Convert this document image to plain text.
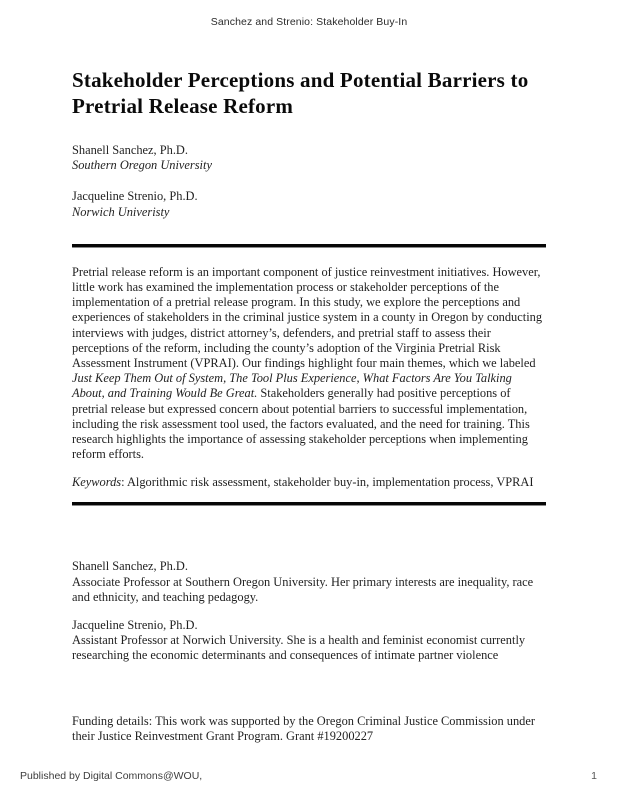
Sanchez and Strenio: Stakeholder Buy-In
Stakeholder Perceptions and Potential Barriers to
Pretrial Release Reform
Shanell Sanchez, Ph.D.
Southern Oregon University
Jacqueline Strenio, Ph.D.
Norwich Univeristy

Pretrial release reform is an important component of justice reinvestment initiatives. However, little work has examined the implementation process or stakeholder perceptions of the implementation of a pretrial release program. In this study, we explore the perceptions and experiences of stakeholders in the criminal justice system in a county in Oregon by conducting interviews with judges, district attorney’s, defenders, and pretrial staff to assess their perceptions of the reform, including the county’s adoption of the Virginia Pretrial Risk Assessment Instrument (VPRAI). Our findings highlight four main themes, which we labeled Just Keep Them Out of System, The Tool Plus Experience, What Factors Are You Talking About, and Training Would Be Great. Stakeholders generally had positive perceptions of pretrial release but expressed concern about potential barriers to successful implementation, including the risk assessment tool used, the factors evaluated, and the need for training. This research highlights the importance of assessing stakeholder perceptions when implementing reform efforts.

Keywords: Algorithmic risk assessment, stakeholder buy-in, implementation process, VPRAI

Shanell Sanchez, Ph.D.
Associate Professor at Southern Oregon University. Her primary interests are inequality, race and ethnicity, and teaching pedagogy.
Jacqueline Strenio, Ph.D.
Assistant Professor at Norwich University. She is a health and feminist economist currently researching the economic determinants and consequences of intimate partner violence

Funding details: This work was supported by the Oregon Criminal Justice Commission under their Justice Reinvestment Grant Program. Grant #19200227

Published by Digital Commons@WOU,	1
